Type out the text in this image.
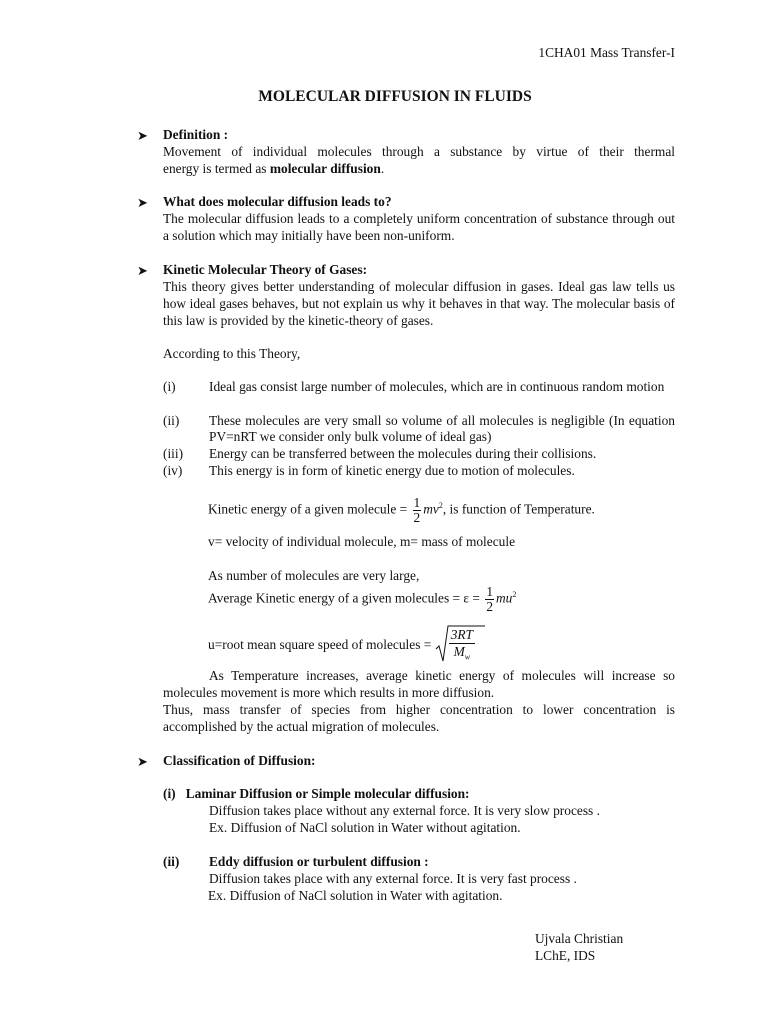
1CHA01 Mass Transfer-I
MOLECULAR DIFFUSION IN FLUIDS
➤ Definition :
Movement of individual molecules through a substance by virtue of their thermal
energy is termed as molecular diffusion.
➤ What does molecular diffusion leads to?
The molecular diffusion leads to a completely uniform concentration of substance through out a solution which may initially have been non-uniform.
➤ Kinetic Molecular Theory of Gases:
This theory gives better understanding of molecular diffusion in gases. Ideal gas law tells us how ideal gases behaves, but not explain us why it behaves in that way. The molecular basis of this law is provided by the kinetic-theory of gases.
According to this Theory,
(i) Ideal gas consist large number of molecules, which are in continuous random motion
(ii) These molecules are very small so volume of all molecules is negligible (In equation PV=nRT we consider only bulk volume of ideal gas)
(iii) Energy can be transferred between the molecules during their collisions.
(iv) This energy is in form of kinetic energy due to motion of molecules.
Kinetic energy of a given molecule = $\frac{1}{2} mv^2$, is function of Temperature.
v= velocity of individual molecule, m= mass of molecule
As number of molecules are very large,
Average Kinetic energy of a given molecules = $\varepsilon = \frac{1}{2} mu^2$
u=root mean square speed of molecules = $\frac{3RT}{M_w}$
As Temperature increases, average kinetic energy of molecules will increase so molecules movement is more which results in more diffusion.
Thus, mass transfer of species from higher concentration to lower concentration is accomplished by the actual migration of molecules.
➤ Classification of Diffusion:
(i) Laminar Diffusion or Simple molecular diffusion:
Diffusion takes place without any external force. It is very slow process .
Ex. Diffusion of NaCl solution in Water without agitation.
(ii) Eddy diffusion or turbulent diffusion :
Diffusion takes place with any external force. It is very fast process .
Ex. Diffusion of NaCl solution in Water with agitation.
Ujvala Christian
LChE, IDS
